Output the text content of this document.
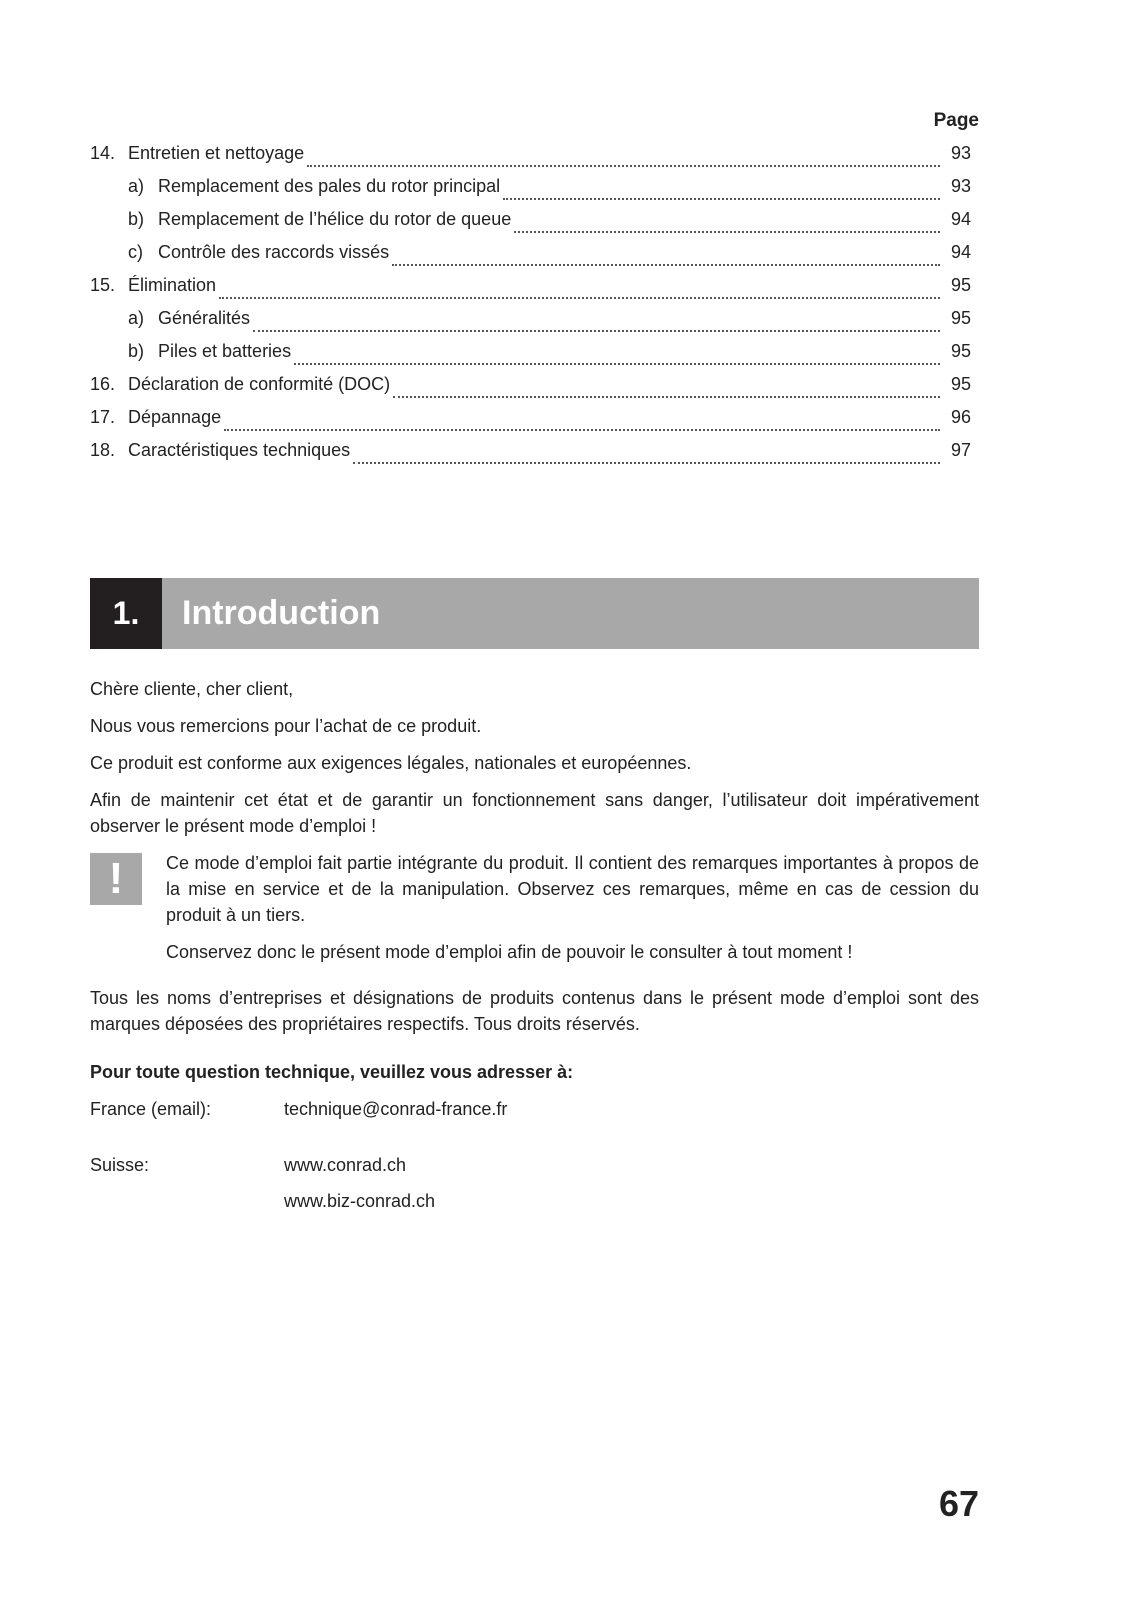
Page
14. Entretien et nettoyage	93
a) Remplacement des pales du rotor principal	93
b) Remplacement de l’hélice du rotor de queue	94
c) Contrôle des raccords vissés	94
15. Élimination	95
a) Généralités	95
b) Piles et batteries	95
16. Déclaration de conformité (DOC)	95
17. Dépannage	96
18. Caractéristiques techniques	97
1.	Introduction

Chère cliente, cher client,

Nous vous remercions pour l’achat de ce produit.

Ce produit est conforme aux exigences légales, nationales et européennes.

Afin de maintenir cet état et de garantir un fonctionnement sans danger, l’utilisateur doit impérativement observer le présent mode d’emploi !

!	Ce mode d’emploi fait partie intégrante du produit. Il contient des remarques importantes à propos de la mise en service et de la manipulation. Observez ces remarques, même en cas de cession du produit à un tiers.

Conservez donc le présent mode d’emploi afin de pouvoir le consulter à tout moment !

Tous les noms d’entreprises et désignations de produits contenus dans le présent mode d’emploi sont des marques déposées des propriétaires respectifs. Tous droits réservés.

Pour toute question technique, veuillez vous adresser à:

France (email):	technique@conrad-france.fr
Suisse:	www.conrad.ch
www.biz-conrad.ch
67
